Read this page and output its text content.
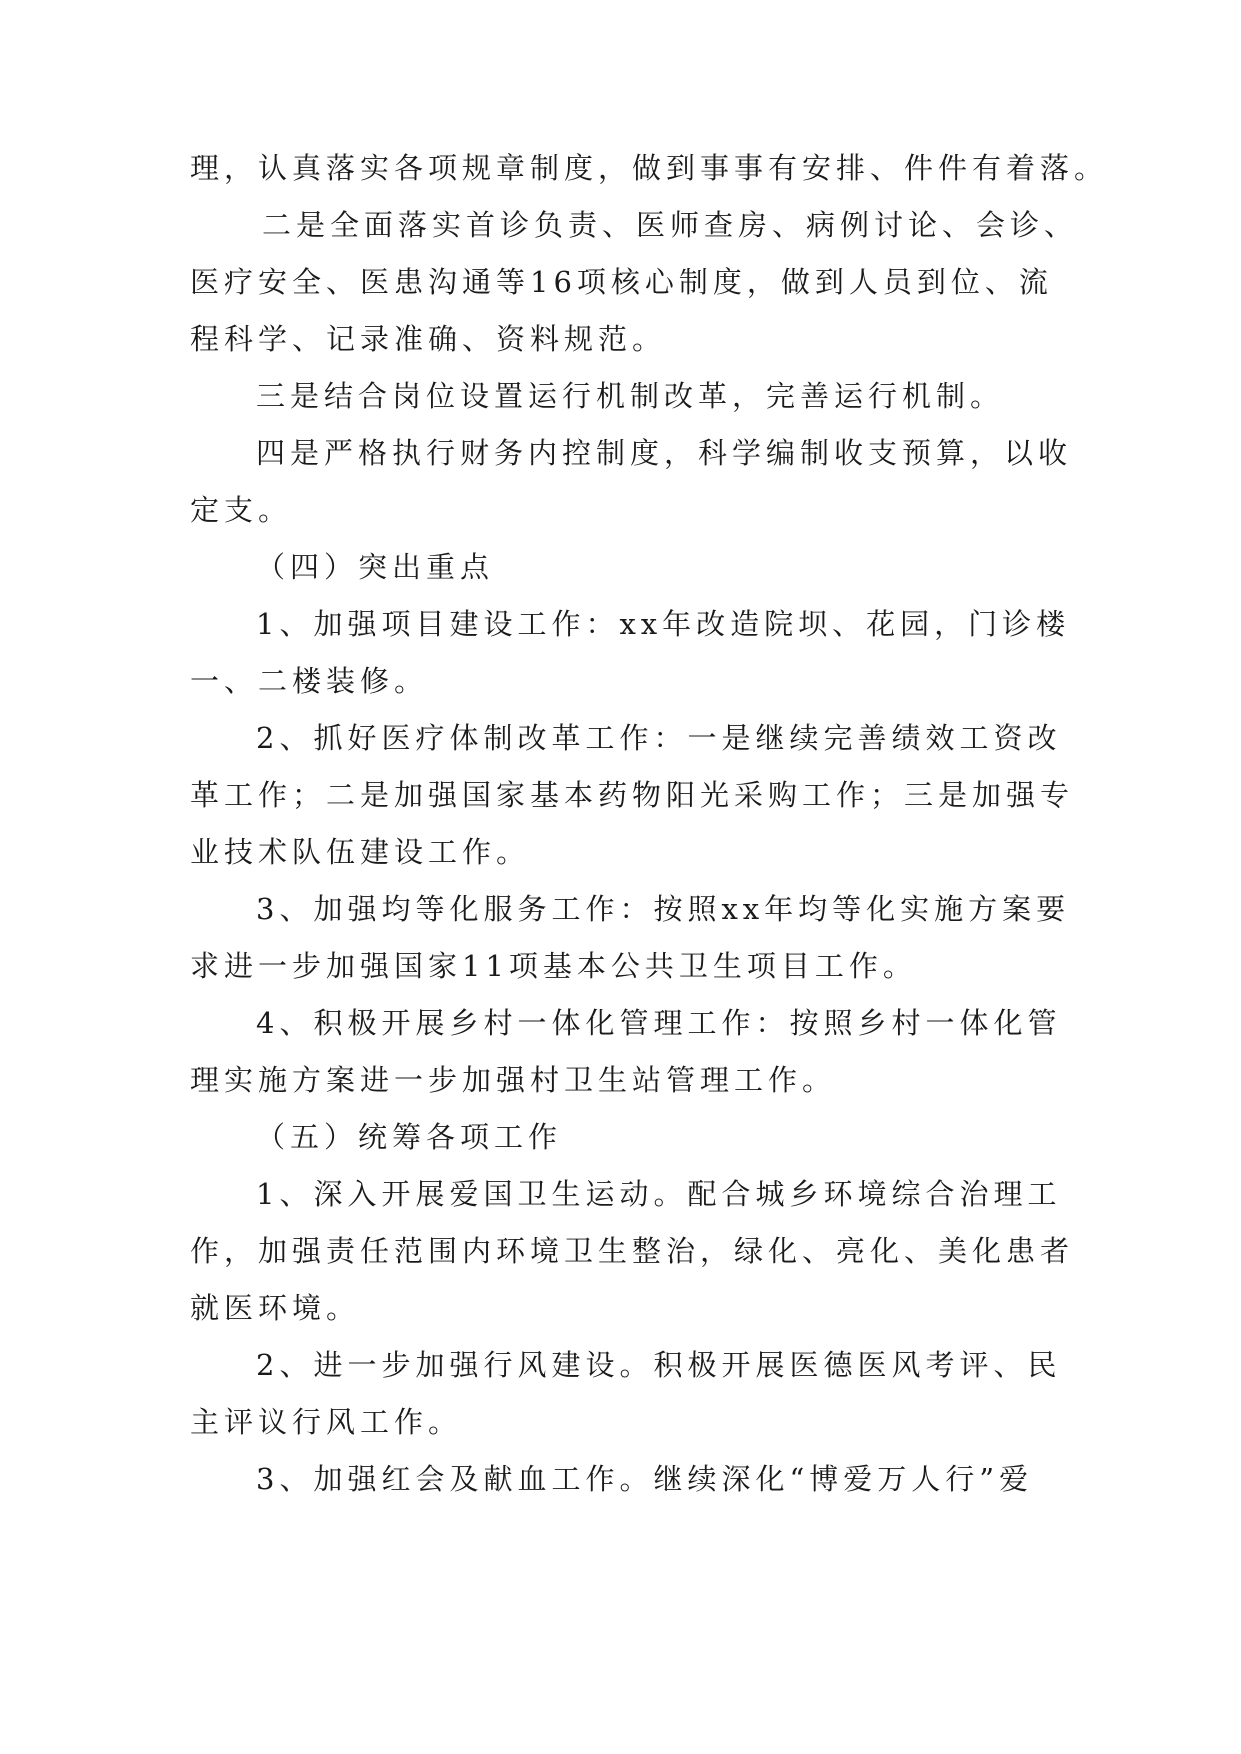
理，认真落实各项规章制度，做到事事有安排、件件有着落。
二是全面落实首诊负责、医师查房、病例讨论、会诊、
医疗安全、医患沟通等16项核心制度，做到人员到位、流
程科学、记录准确、资料规范。
三是结合岗位设置运行机制改革，完善运行机制。
四是严格执行财务内控制度，科学编制收支预算，以收
定支。
（四）突出重点
1、加强项目建设工作：xx年改造院坝、花园，门诊楼
一、二楼装修。
2、抓好医疗体制改革工作：一是继续完善绩效工资改
革工作；二是加强国家基本药物阳光采购工作；三是加强专
业技术队伍建设工作。
3、加强均等化服务工作：按照xx年均等化实施方案要
求进一步加强国家11项基本公共卫生项目工作。
4、积极开展乡村一体化管理工作：按照乡村一体化管
理实施方案进一步加强村卫生站管理工作。
（五）统筹各项工作
1、深入开展爱国卫生运动。配合城乡环境综合治理工
作，加强责任范围内环境卫生整治，绿化、亮化、美化患者
就医环境。
2、进一步加强行风建设。积极开展医德医风考评、民
主评议行风工作。
3、加强红会及献血工作。继续深化“博爱万人行”爱
